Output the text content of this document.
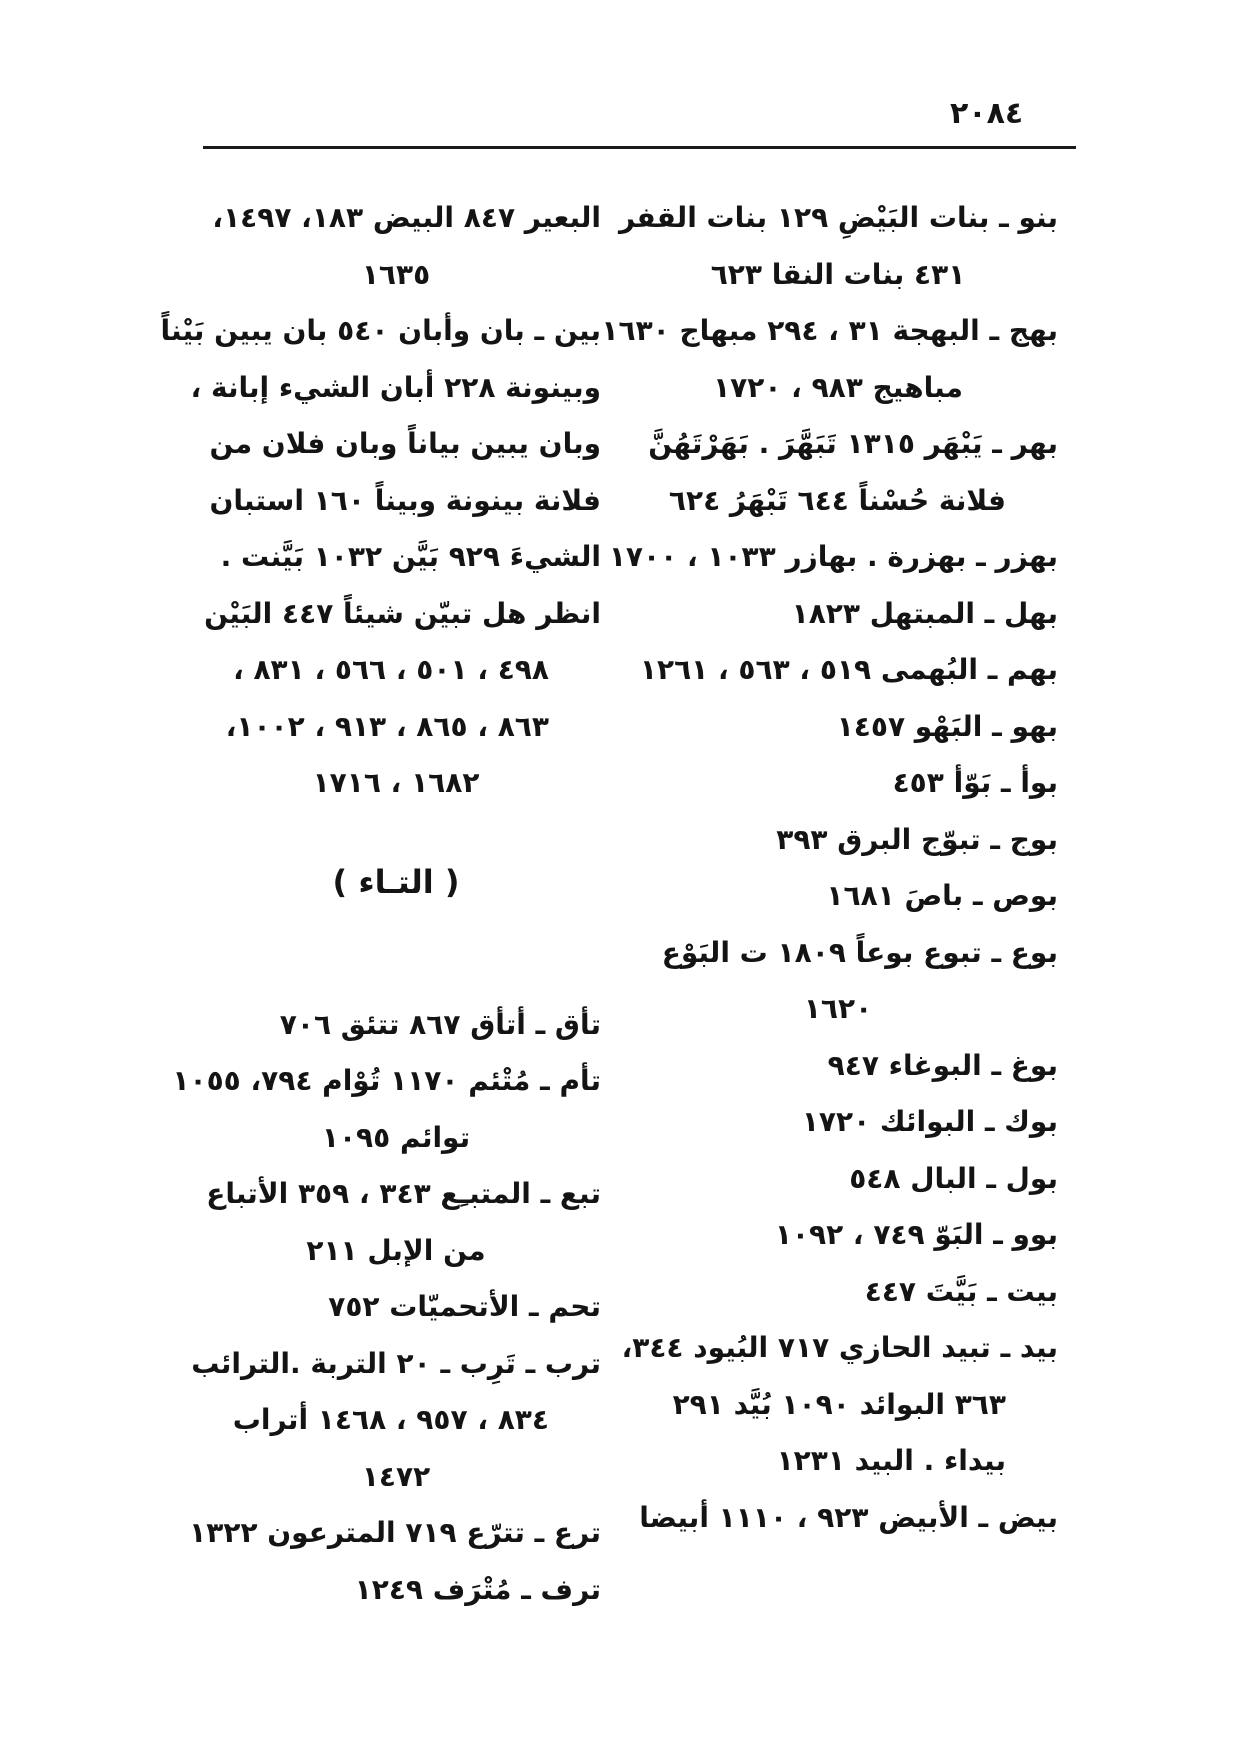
٢٠٨٤
بنو ـ بنات البَيْضِ ١٢٩ بنات القفر
٤٣١ بنات النقا ٦٢٣
بهج ـ البهجة ٣١ ، ٢٩٤ مبهاج ١٦٣٠
مباهيج ٩٨٣ ، ١٧٢٠
بهر ـ يَبْهَر ١٣١٥ تَبَهَّرَ . بَهَرْتَهُنَّ
فلانة حُسْناً ٦٤٤ تَبْهَرُ ٦٢٤
بهزر ـ بهزرة . بهازر ١٠٣٣ ، ١٧٠٠
بهل ـ المبتهل ١٨٢٣
بهم ـ البُهمى ٥١٩ ، ٥٦٣ ، ١٢٦١
بهو ـ البَهْو ١٤٥٧
بوأ ـ بَوّأ ٤٥٣
بوج ـ تبوّج البرق ٣٩٣
بوص ـ باصَ ١٦٨١
بوع ـ تبوع بوعاً ١٨٠٩ ت البَوْع
١٦٢٠
بوغ ـ البوغاء ٩٤٧
بوك ـ البوائك ١٧٢٠
بول ـ البال ٥٤٨
بوو ـ البَوّ ٧٤٩ ، ١٠٩٢
بيت ـ بَيَّتَ ٤٤٧
بيد ـ تبيد الحازي ٧١٧ البُيود ٣٤٤،
٣٦٣ البوائد ١٠٩٠ بُيَّد ٢٩١
بيداء . البيد ١٢٣١
بيض ـ الأبيض ٩٢٣ ، ١١١٠ أبيضا
البعير ٨٤٧ البيض ١٨٣، ١٤٩٧،
١٦٣٥
بين ـ بان وأبان ٥٤٠ بان يبين بَيْناً
وبينونة ٢٢٨ أبان الشيء إبانة ،
وبان يبين بياناً وبان فلان من
فلانة بينونة وبيناً ١٦٠ استبان
الشيءَ ٩٢٩ بَيَّن ١٠٣٢ بَيَّنت .
انظر هل تبيّن شيئاً ٤٤٧ البَيْن
٤٩٨ ، ٥٠١ ، ٥٦٦ ، ٨٣١ ،
٨٦٣ ، ٨٦٥ ، ٩١٣ ، ١٠٠٢،
١٦٨٢ ، ١٧١٦
( التـاء )
تأق ـ أتأق ٨٦٧ تتئق ٧٠٦
تأم ـ مُتْئم ١١٧٠ تُوْام ٧٩٤، ١٠٥٥
توائم ١٠٩٥
تبع ـ المتبـِع ٣٤٣ ، ٣٥٩ الأتباع
من الإبل ٢١١
تحم ـ الأتحميّات ٧٥٢
ترب ـ تَرِب ـ ٢٠ التربة .الترائب
٨٣٤ ، ٩٥٧ ، ١٤٦٨ أتراب
١٤٧٢
ترع ـ تترّع ٧١٩ المترعون ١٣٢٢
ترف ـ مُتْرَف ١٢٤٩
